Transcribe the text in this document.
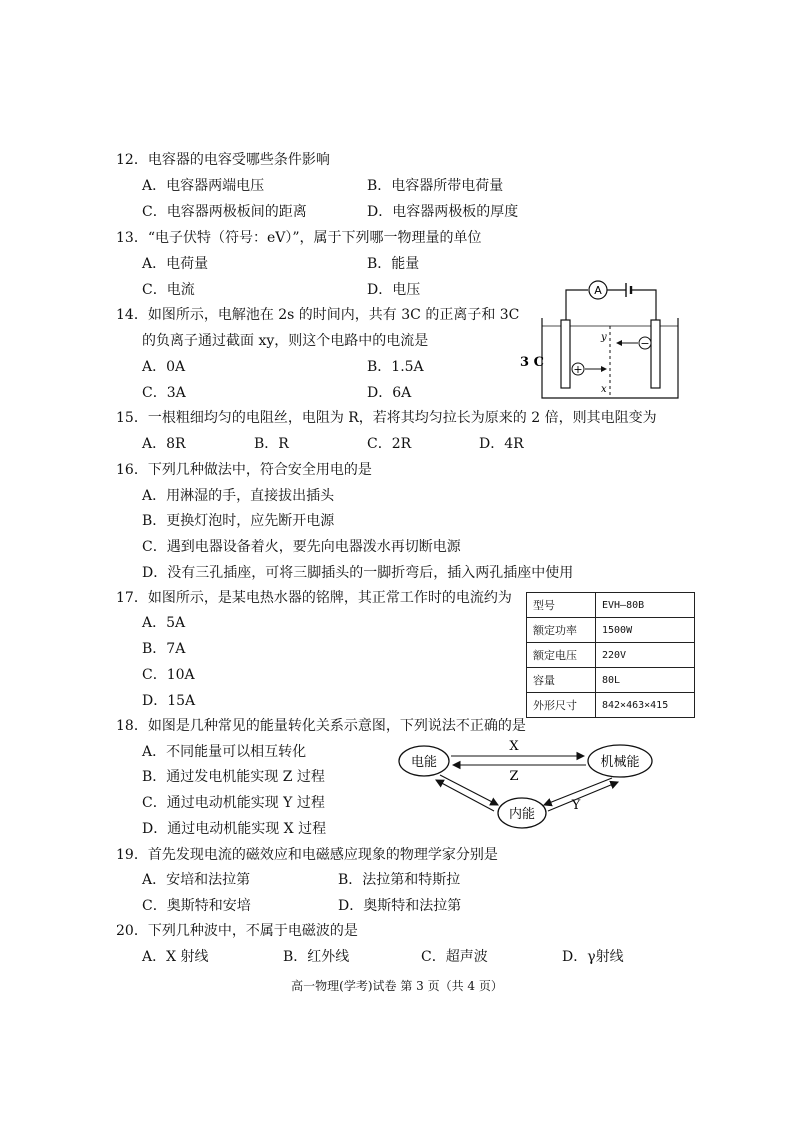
12．电容器的电容受哪些条件影响
A．电容器两端电压	B．电容器所带电荷量
C．电容器两极板间的距离	D．电容器两极板的厚度
13．“电子伏特（符号：eV）”，属于下列哪一物理量的单位
A．电荷量	B．能量
C．电流	D．电压
14．如图所示，电解池在 2s 的时间内，共有 3C 的正离子和 3C
的负离子通过截面 xy，则这个电路中的电流是
A．0A	B．1.5A
C．3A	D．6A
A
y
x
+
−
3 C
15．一根粗细均匀的电阻丝，电阻为 R，若将其均匀拉长为原来的 2 倍，则其电阻变为
A．8R	B．R	C．2R	D．4R
16．下列几种做法中，符合安全用电的是
A．用淋湿的手，直接拔出插头
B．更换灯泡时，应先断开电源
C．遇到电器设备着火，要先向电器泼水再切断电源
D．没有三孔插座，可将三脚插头的一脚折弯后，插入两孔插座中使用
17．如图所示，是某电热水器的铭牌，其正常工作时的电流约为
A．5A
B．7A
C．10A
D．15A
型号	EVH—80B
额定功率	1500W
额定电压	220V
容量	80L
外形尺寸	842×463×415
18．如图是几种常见的能量转化关系示意图，下列说法不正确的是
A．不同能量可以相互转化
B．通过发电机能实现 Z 过程
C．通过电动机能实现 Y 过程
D．通过电动机能实现 X 过程
电能	机械能
内能
X
Z
Y
19．首先发现电流的磁效应和电磁感应现象的物理学家分别是
A．安培和法拉第	B．法拉第和特斯拉
C．奥斯特和安培	D．奥斯特和法拉第
20．下列几种波中，不属于电磁波的是
A．X 射线	B．红外线	C．超声波	D．γ射线
高一物理(学考)试卷 第 3 页（共 4 页）
